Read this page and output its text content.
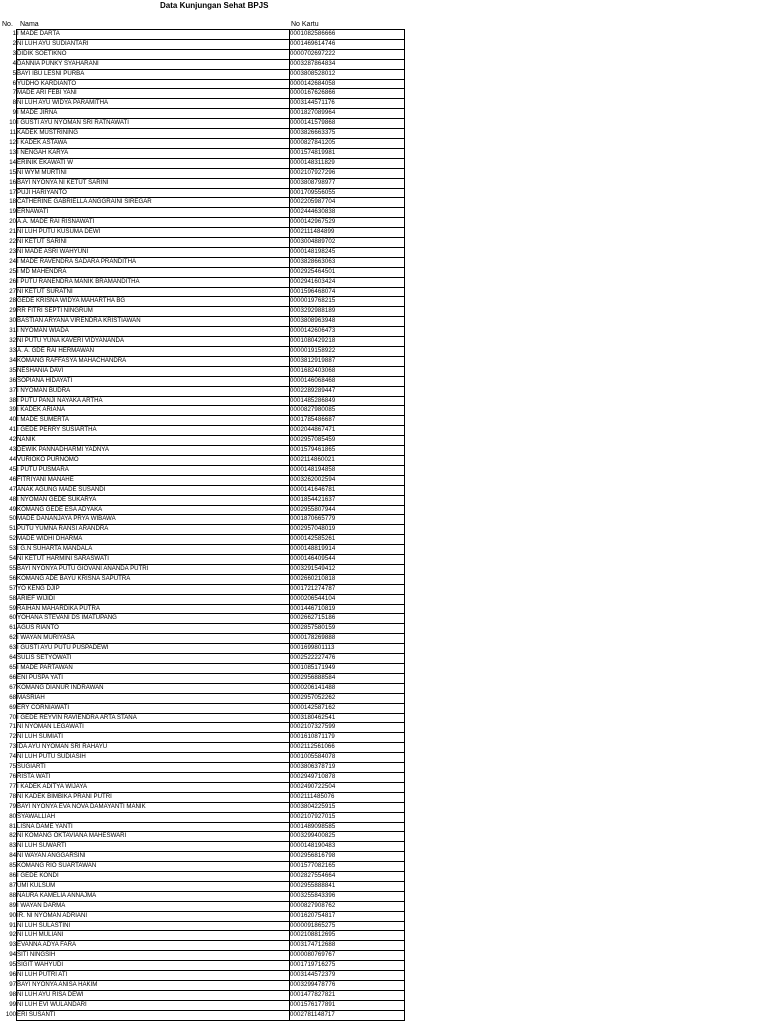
Data Kunjungan Sehat BPJS
No. Nama	No Kartu
1	I MADE DARTA	0001082586666
2	NI LUH AYU SUDIANTARI	0001469614746
3	DIDIK SOETIKNO	0000702697222
4	DANNIA PUNKY SYAHARANI	0003287864834
5	BAYI IBU LESNI PURBA	0003808528012
6	YUDHO KARDIANTO	0000142684058
7	MADE ARI FEBI YANI	0000167626866
8	NI LUH AYU WIDYA PARAMITHA	0003144571176
9	I MADE JIRNA	0001827089964
10	I GUSTI AYU NYOMAN SRI RATNAWATI	0000141579868
11	KADEK MUSTRINING	0003826663375
12	I KADEK ASTAWA	0000827841205
13	I NENGAH KARYA	0001574819981
14	ERINIK EKAWATI W	0000148311829
15	NI WYM MURTINI	0002107927296
16	BAYI NYONYA NI KETUT SARINI	0003808798977
17	PUJI HARIYANTO	0001709556055
18	CATHERINE GABRIELLA ANGGRAINI SIREGAR	0002205987704
19	ERNAWATI	0002444630838
20	A.A. MADE RAI RISNAWATI	0000142967529
21	NI LUH PUTU KUSUMA DEWI	0002111484899
22	NI KETUT SARINI	0003004889702
23	NI MADE ASRI WAHYUNI	0000148198245
24	I MADE RAVENDRA SADARA PRANDITHA	0003828663063
25	I MD MAHENDRA	0002925464501
26	I PUTU RANENDRA MANIK BRAMANDITHA	0002941603424
27	NI KETUT SURATNI	0001596468074
28	GEDE KRISNA WIDYA MAHARTHA BG	0000019768215
29	RR FITRI SEPTI NINGRUM	0003292988189
30	BASTIAN ARYANA VIRENDRA KRISTIAWAN	0003808963948
31	I NYOMAN WIADA	0000142606473
32	NI PUTU YUNA KAVERI VIDYANANDA	0001080429218
33	A. A. GDE RAI HERMAWAN	0000019158922
34	KOMANG RAFFASYA MAHACHANDRA	0003812919887
35	NESHANIA DAVI	0001682403068
36	SOPIANA HIDAYATI	0000146068468
37	I NYOMAN BUDRA	0002289289447
38	I PUTU PANJI NAYAKA ARTHA	0001485286849
39	I KADEK ARIANA	0000827980085
40	I MADE SUMERTA	0001785486687
41	I GEDE PERRY SUSIARTHA	0002044867471
42	NANIK	0002957085459
43	DEWIK PANNADHARMI YADNYA	0001579461865
44	VURIOKO PURNOMO	0002114860021
45	I PUTU PUSMARA	0000148194858
46	FITRIYANI MANAHE	0003262002594
47	ANAK AGUNG MADE SUSANDI	0000141646781
48	I NYOMAN GEDE SUKARYA	0001854421637
49	KOMANG GEDE ESA ADYAKA	0002955807944
50	MADE DANANJAYA PRYA WIBAWA	0001870665779
51	PUTU YUMNA RANSI ARANDRA	0002957048019
52	MADE WIDHI DHARMA	0000142585261
53	I G.N SUHARTA MANDALA	0000148819914
54	NI KETUT HARMINI SARASWATI	0000146409544
55	BAYI NYONYA PUTU GIOVANI ANANDA PUTRI	0003291549412
56	KOMANG ADE BAYU KRISNA SAPUTRA	0002660210818
57	YO KENG DJIP	0001721274787
58	ARIEF WIJIDI	0000206544104
59	RAIHAN MAHARDIKA PUTRA	0001446710819
60	YOHANA STEVANI DS IMATUPANG	0002662715186
61	AGUS RIANTO	0002857580159
62	I WAYAN MURIYASA	0000178269888
63	I GUSTI AYU PUTU PUSPADEWI	0001699801113
64	SULIS SETYOWATI	0002522227476
65	I MADE PARTAWAN	0001085171949
66	ENI PUSPA YATI	0002956888584
67	KOMANG DIANUR INDRAWAN	0000206141488
68	MASRIAH	0002957052262
69	ERY CORNIAWATI	0000142587162
70	I GEDE REYVIN RAVIENDRA ARTA STANA	0003180462541
71	NI NYOMAN LEGAWATI	0002107327599
72	NI LUH SUMIATI	0001610871179
73	IDA AYU NYOMAN SRI RAHAYU	0002112561066
74	NI LUH PUTU SUDIASIH	0001005584078
75	SUGIARTI	0003806378719
76	RISTA WATI	0002949710878
77	I KADEK ADITYA WIJAYA	0002490722504
78	NI KADEK BIMBIKA PRANI PUTRI	0002111485076
79	BAYI NYONYA EVA NOVA DAMAYANTI MANIK	0003804225915
80	SYAWALLIAH	0002107927015
81	LISNA DAME YANTI	0001489098585
82	NI KOMANG OKTAVIANA MAHESWARI	0003299400825
83	NI LUH SUWARTI	0000148190483
84	NI WAYAN ANGGARSINI	0002956816798
85	KOMANG RIO SUARTAWAN	0001577082165
86	I GEDE KONDI	0002827554664
87	UMI KULSUM	0002955888841
88	NAURA KAMELIA ANNAJMA	0003255843396
89	I WAYAN DARMA	0000827908762
90	IR. NI NYOMAN ADRIANI	0001620754817
91	NI LUH SULASTINI	0000091865275
92	NI LUH MULIANI	0002108812695
93	EVANNA ADYA FARA	0003174712688
94	SITI NINGSIH	0000080769767
95	SIGIT WAHYUDI	0001719716275
96	NI LUH PUTRI ATI	0003144572379
97	BAYI NYONYA ANISA HAKIM	0003299478776
98	NI LUH AYU RISA DEWI	0001477827821
99	NI LUH EVI WULANDARI	0001576177891
100	ERI SUSANTI	0002781148717
